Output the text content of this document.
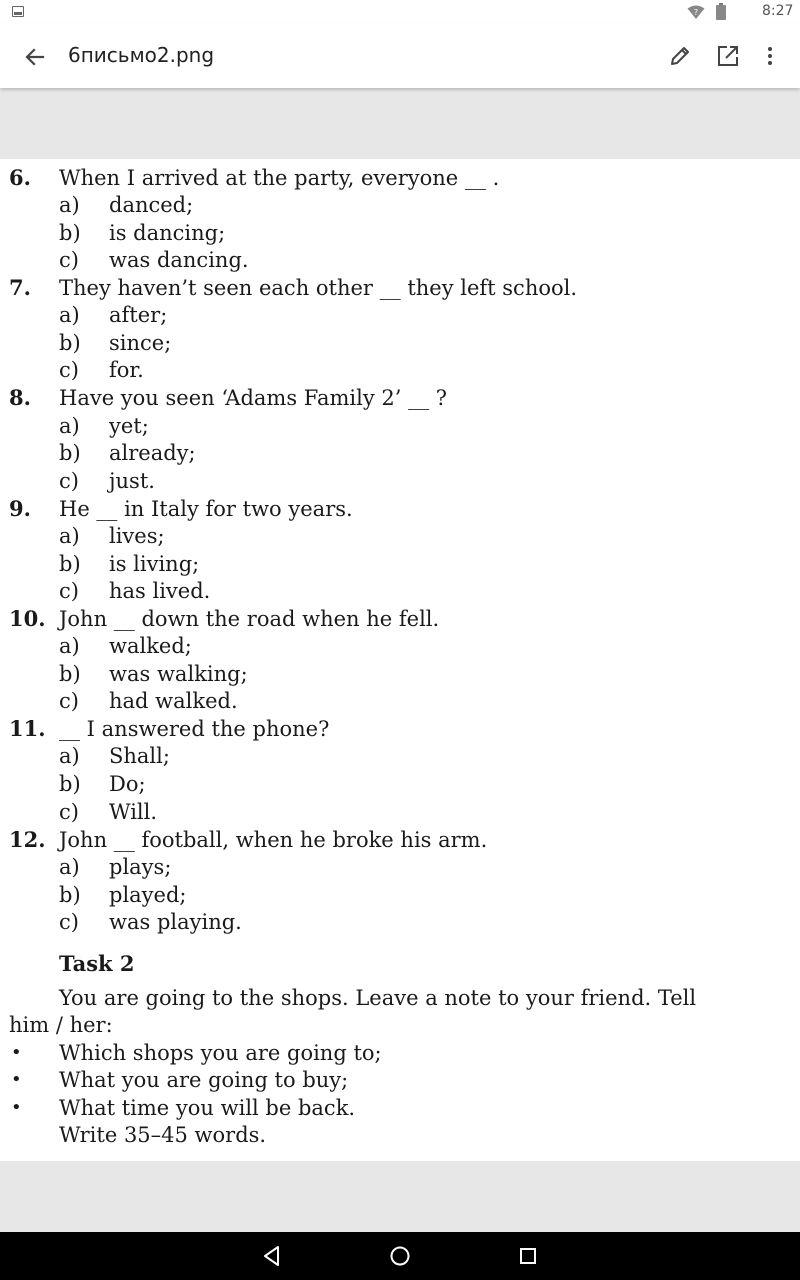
?	8:27
6письмо2.png
6. When I arrived at the party, everyone __ .
a) danced;
b) is dancing;
c) was dancing.
7. They haven’t seen each other __ they left school.
a) after;
b) since;
c) for.
8. Have you seen ‘Adams Family 2’ __ ?
a) yet;
b) already;
c) just.
9. He __ in Italy for two years.
a) lives;
b) is living;
c) has lived.
10. John __ down the road when he fell.
a) walked;
b) was walking;
c) had walked.
11. __ I answered the phone?
a) Shall;
b) Do;
c) Will.
12. John __ football, when he broke his arm.
a) plays;
b) played;
c) was playing.
Task 2
You are going to the shops. Leave a note to your friend. Tell
him / her:
• Which shops you are going to;
• What you are going to buy;
• What time you will be back.
Write 35–45 words.
